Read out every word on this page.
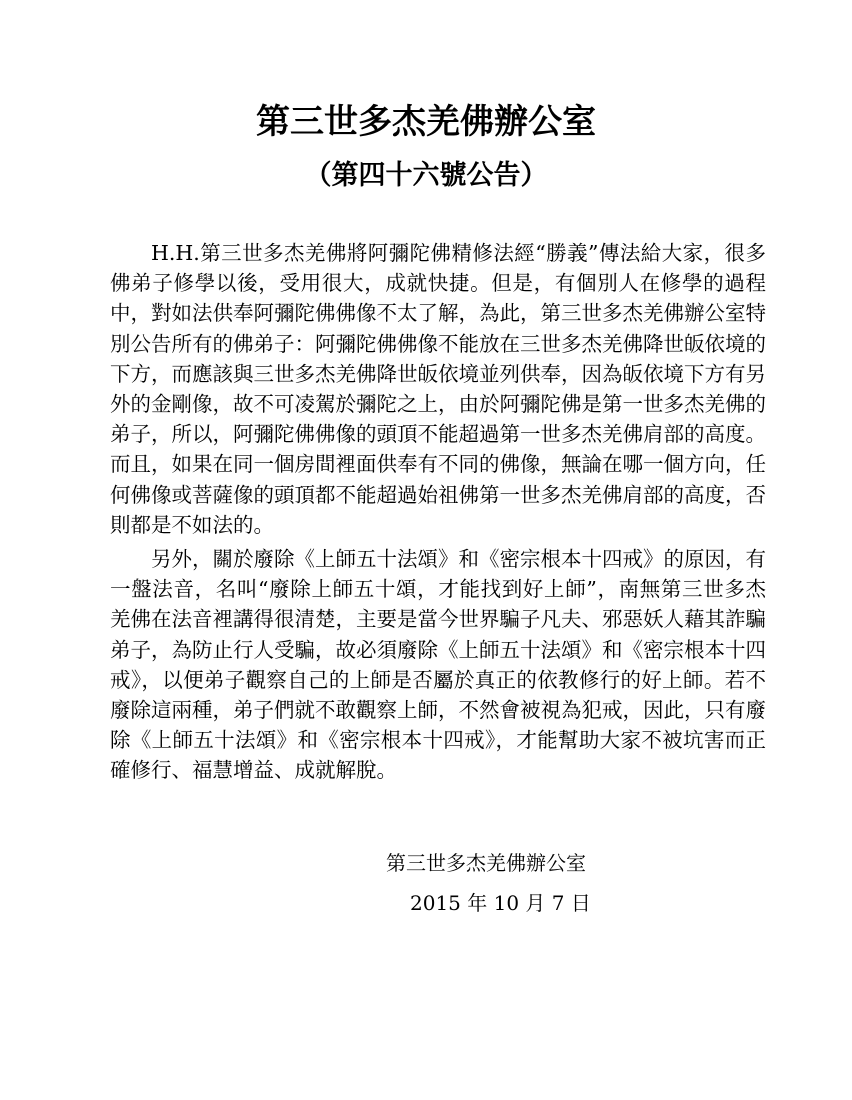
第三世多杰羌佛辦公室
（第四十六號公告）

H.H.第三世多杰羌佛將阿彌陀佛精修法經“勝義”傳法給大家，很多佛弟子修學以後，受用很大，成就快捷。但是，有個別人在修學的過程中，對如法供奉阿彌陀佛佛像不太了解，為此，第三世多杰羌佛辦公室特別公告所有的佛弟子：阿彌陀佛佛像不能放在三世多杰羌佛降世皈依境的下方，而應該與三世多杰羌佛降世皈依境並列供奉，因為皈依境下方有另外的金剛像，故不可凌駕於彌陀之上，由於阿彌陀佛是第一世多杰羌佛的弟子，所以，阿彌陀佛佛像的頭頂不能超過第一世多杰羌佛肩部的高度。而且，如果在同一個房間裡面供奉有不同的佛像，無論在哪一個方向，任何佛像或菩薩像的頭頂都不能超過始祖佛第一世多杰羌佛肩部的高度，否則都是不如法的。

另外，關於廢除《上師五十法頌》和《密宗根本十四戒》的原因，有一盤法音，名叫“廢除上師五十頌，才能找到好上師”，南無第三世多杰羌佛在法音裡講得很清楚，主要是當今世界騙子凡夫、邪惡妖人藉其詐騙弟子，為防止行人受騙，故必須廢除《上師五十法頌》和《密宗根本十四戒》，以便弟子觀察自己的上師是否屬於真正的依教修行的好上師。若不廢除這兩種，弟子們就不敢觀察上師，不然會被視為犯戒，因此，只有廢除《上師五十法頌》和《密宗根本十四戒》，才能幫助大家不被坑害而正確修行、福慧增益、成就解脫。

第三世多杰羌佛辦公室

2015 年 10 月 7 日
